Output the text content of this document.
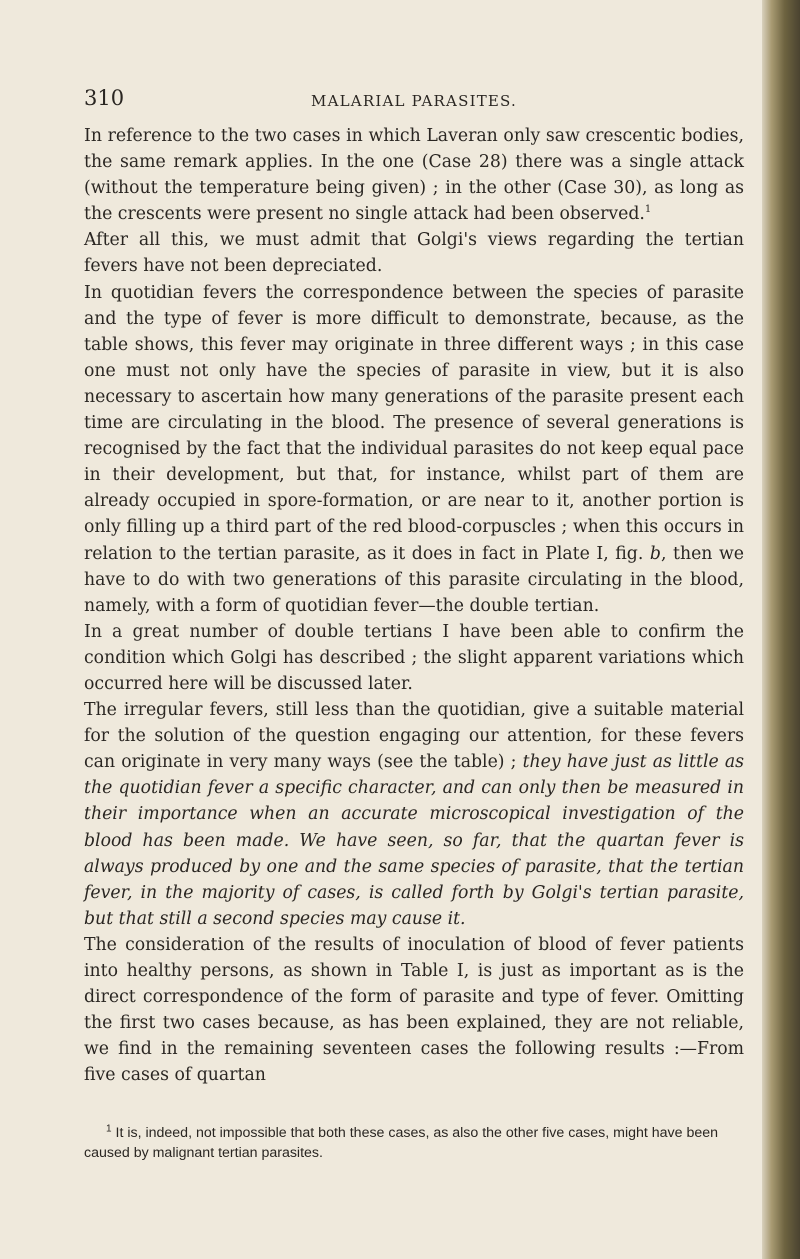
310	MALARIAL PARASITES.

In reference to the two cases in which Laveran only saw crescentic bodies, the same remark applies. In the one (Case 28) there was a single attack (without the temperature being given) ; in the other (Case 30), as long as the crescents were present no single attack had been observed.$^1$

After all this, we must admit that Golgi's views regarding the tertian fevers have not been depreciated.

In quotidian fevers the correspondence between the species of parasite and the type of fever is more difficult to demonstrate, because, as the table shows, this fever may originate in three different ways ; in this case one must not only have the species of parasite in view, but it is also necessary to ascertain how many generations of the parasite present each time are circulating in the blood. The presence of several generations is recognised by the fact that the individual parasites do not keep equal pace in their development, but that, for instance, whilst part of them are already occupied in spore-formation, or are near to it, another portion is only filling up a third part of the red blood-corpuscles ; when this occurs in relation to the tertian parasite, as it does in fact in Plate I, fig. b, then we have to do with two generations of this parasite circulating in the blood, namely, with a form of quotidian fever—the double tertian.

In a great number of double tertians I have been able to confirm the condition which Golgi has described ; the slight apparent variations which occurred here will be discussed later.

The irregular fevers, still less than the quotidian, give a suitable material for the solution of the question engaging our attention, for these fevers can originate in very many ways (see the table) ; they have just as little as the quotidian fever a specific character, and can only then be measured in their importance when an accurate microscopical investigation of the blood has been made. We have seen, so far, that the quartan fever is always produced by one and the same species of parasite, that the tertian fever, in the majority of cases, is called forth by Golgi's tertian parasite, but that still a second species may cause it.

The consideration of the results of inoculation of blood of fever patients into healthy persons, as shown in Table I, is just as important as is the direct correspondence of the form of parasite and type of fever. Omitting the first two cases because, as has been explained, they are not reliable, we find in the remaining seventeen cases the following results :—From five cases of quartan

$^1$ It is, indeed, not impossible that both these cases, as also the other five cases, might have been caused by malignant tertian parasites.
